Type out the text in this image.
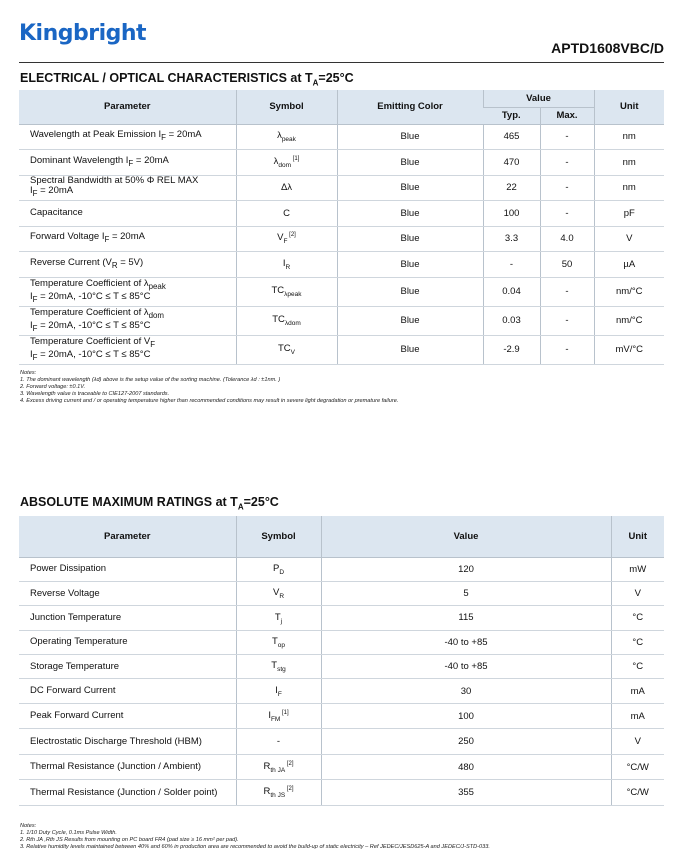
Kingbright
APTD1608VBC/D
ELECTRICAL / OPTICAL CHARACTERISTICS at $T_A=25^\circ C$
Parameter	Symbol	Emitting Color	Value		Unit
			Typ.	Max.	
Wavelength at Peak Emission $I_F = 20mA$	$\lambda_{peak}$	Blue	465	-	nm
Dominant Wavelength $I_F = 20mA$	$\lambda_{dom}$ [1]	Blue	470	-	nm
Spectral Bandwidth at 50% Φ REL MAX
$I_F = 20mA$	Δλ	Blue	22	-	nm
Capacitance	C	Blue	100	-	pF
Forward Voltage $I_F = 20mA$	$V_F$ [2]	Blue	3.3	4.0	V
Reverse Current $(V_R = 5V)$	$I_R$	Blue	-	50	µA
Temperature Coefficient of $\lambda_{peak}$
$I_F = 20mA$, -10°C ≤ T ≤ 85°C	$TC_{\lambda peak}$	Blue	0.04	-	nm/°C
Temperature Coefficient of $\lambda_{dom}$
$I_F = 20mA$, -10°C ≤ T ≤ 85°C	$TC_{\lambda dom}$	Blue	0.03	-	nm/°C
Temperature Coefficient of $V_F$
$I_F = 20mA$, -10°C ≤ T ≤ 85°C	$TC_V$	Blue	-2.9	-	mV/°C
Notes:
1. The dominant wavelength (λd) above is the setup value of the sorting machine. (Tolerance λd : ±1nm. )
2. Forward voltage: ±0.1V.
3. Wavelength value is traceable to CIE127-2007 standards.
4. Excess driving current and / or operating temperature higher than recommended conditions may result in severe light degradation or premature failure.
ABSOLUTE MAXIMUM RATINGS at $T_A=25^\circ C$
Parameter	Symbol	Value	Unit
Power Dissipation	$P_D$	120	mW
Reverse Voltage	$V_R$	5	V
Junction Temperature	$T_j$	115	°C
Operating Temperature	$T_{op}$	-40 to +85	°C
Storage Temperature	$T_{stg}$	-40 to +85	°C
DC Forward Current	$I_F$	30	mA
Peak Forward Current	$I_{FM}$ [1]	100	mA
Electrostatic Discharge Threshold (HBM)	-	250	V
Thermal Resistance (Junction / Ambient)	$R_{th JA}$ [2]	480	°C/W
Thermal Resistance (Junction / Solder point)	$R_{th JS}$ [2]	355	°C/W
Notes:
1. 1/10 Duty Cycle, 0.1ms Pulse Width.
2. Rth JA ,Rth JS Results from mounting on PC board FR4 (pad size ≥ 16 mm² per pad).
3. Relative humidity levels maintained between 40% and 60% in production area are recommended to avoid the build-up of static electricity – Ref JEDEC/JESD625-A and JEDEC/J-STD-033.
